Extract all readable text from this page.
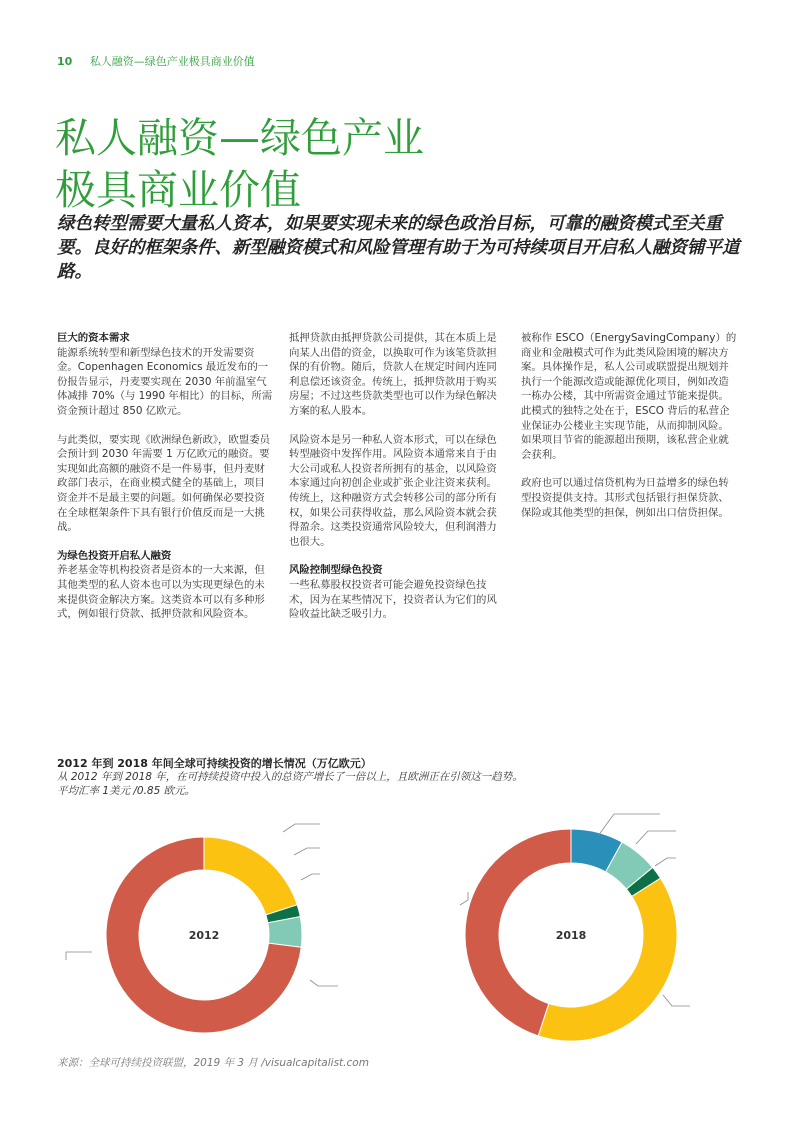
10 私人融资—绿色产业极具商业价值
私人融资—绿色产业
极具商业价值

绿色转型需要大量私人资本，如果要实现未来的绿色政治目标，可靠的融资模式至关重要。良好的框架条件、新型融资模式和风险管理有助于为可持续项目开启私人融资铺平道路。

巨大的资本需求

能源系统转型和新型绿色技术的开发需要资金。Copenhagen Economics 最近发布的一份报告显示，丹麦要实现在 2030 年前温室气体减排 70%（与 1990 年相比）的目标，所需资金预计超过 850 亿欧元。

与此类似，要实现《欧洲绿色新政》，欧盟委员会预计到 2030 年需要 1 万亿欧元的融资。要实现如此高额的融资不是一件易事，但丹麦财政部门表示，在商业模式健全的基础上，项目资金并不是最主要的问题。如何确保必要投资在全球框架条件下具有银行价值反而是一大挑战。

为绿色投资开启私人融资

养老基金等机构投资者是资本的一大来源，但其他类型的私人资本也可以为实现更绿色的未来提供资金解决方案。这类资本可以有多种形式，例如银行贷款、抵押贷款和风险资本。

抵押贷款由抵押贷款公司提供，其在本质上是向某人出借的资金，以换取可作为该笔贷款担保的有价物。随后，贷款人在规定时间内连同利息偿还该资金。传统上，抵押贷款用于购买房屋；不过这些贷款类型也可以作为绿色解决方案的私人股本。

风险资本是另一种私人资本形式，可以在绿色转型融资中发挥作用。风险资本通常来自于由大公司或私人投资者所拥有的基金，以风险资本家通过向初创企业或扩张企业注资来获利。传统上，这种融资方式会转移公司的部分所有权，如果公司获得收益，那么风险资本就会获得盈余。这类投资通常风险较大，但利润潜力也很大。

风险控制型绿色投资

一些私募股权投资者可能会避免投资绿色技术，因为在某些情况下，投资者认为它们的风险收益比缺乏吸引力。

被称作 ESCO（EnergySavingCompany）的商业和金融模式可作为此类风险困境的解决方案。具体操作是，私人公司或联盟提出规划并执行一个能源改造或能源优化项目，例如改造一栋办公楼，其中所需资金通过节能来提供。此模式的独特之处在于，ESCO 背后的私营企业保证办公楼业主实现节能，从而抑制风险。如果项目节省的能源超出预期，该私营企业就会获利。

政府也可以通过信贷机构为日益增多的绿色转型投资提供支持。其形式包括银行担保贷款、保险或其他类型的担保，例如出口信贷担保。

2012 年到 2018 年间全球可持续投资的增长情况（万亿欧元）
从 2012 年到 2018 年，在可持续投资中投入的总资产增长了一倍以上，且欧洲正在引领这一趋势。
平均汇率 1美元 /0.85 欧元。
2012	2018
来源：全球可持续投资联盟，2019 年 3 月 /visualcapitalist.com
